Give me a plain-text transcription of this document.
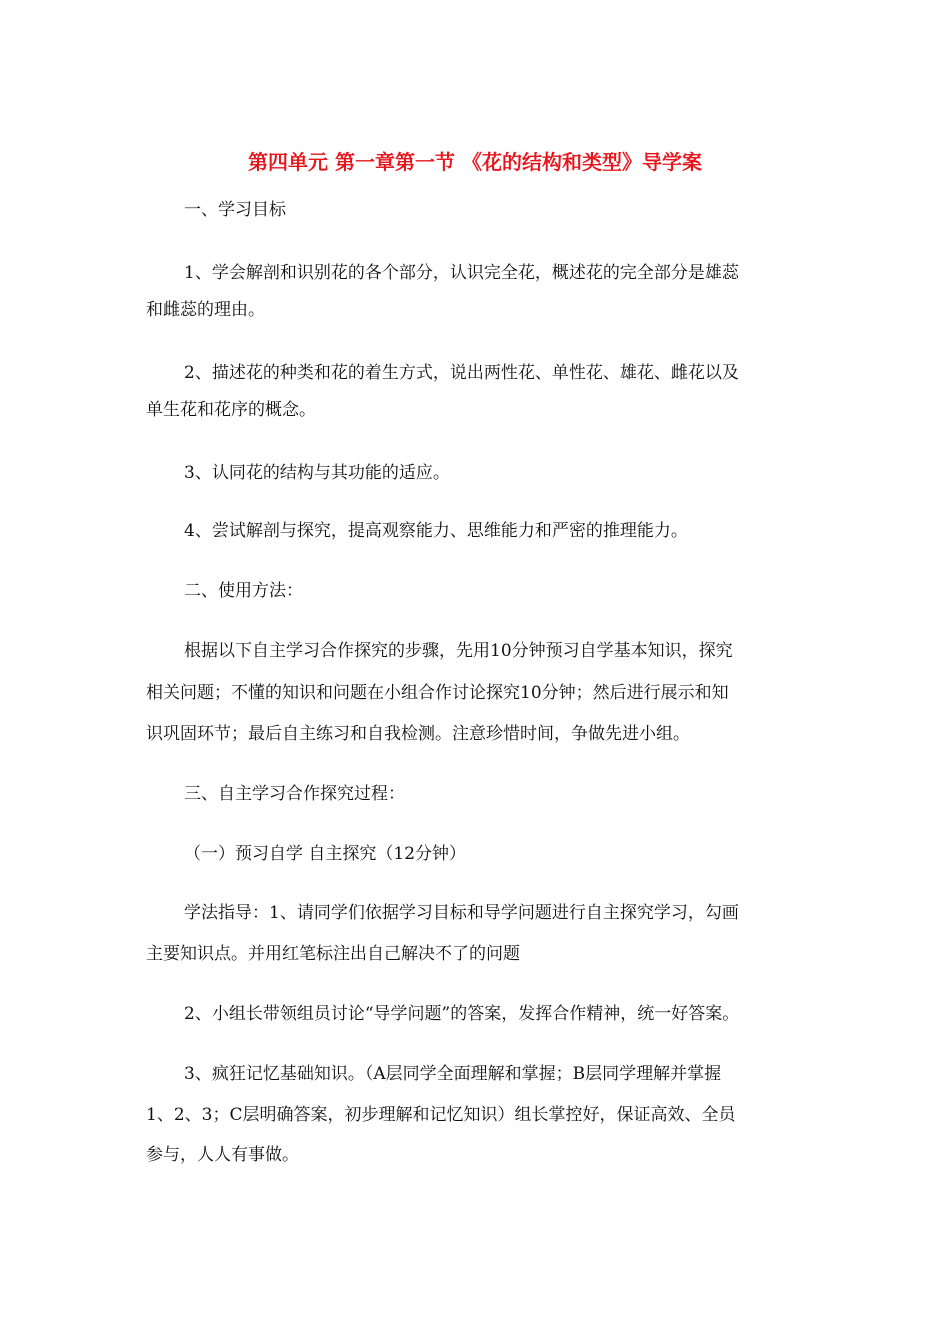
第四单元 第一章第一节 《花的结构和类型》导学案
一、学习目标
1、学会解剖和识别花的各个部分，认识完全花，概述花的完全部分是雄蕊
和雌蕊的理由。
2、描述花的种类和花的着生方式，说出两性花、单性花、雄花、雌花以及
单生花和花序的概念。
3、认同花的结构与其功能的适应。
4、尝试解剖与探究，提高观察能力、思维能力和严密的推理能力。
二、使用方法：
根据以下自主学习合作探究的步骤，先用10分钟预习自学基本知识，探究
相关问题；不懂的知识和问题在小组合作讨论探究10分钟；然后进行展示和知
识巩固环节；最后自主练习和自我检测。注意珍惜时间，争做先进小组。
三、自主学习合作探究过程：
（一）预习自学 自主探究（12分钟）
学法指导：1、请同学们依据学习目标和导学问题进行自主探究学习，勾画
主要知识点。并用红笔标注出自己解决不了的问题
2、小组长带领组员讨论“导学问题”的答案，发挥合作精神，统一好答案。
3、疯狂记忆基础知识。（A层同学全面理解和掌握；B层同学理解并掌握
1、2、3；C层明确答案，初步理解和记忆知识）组长掌控好，保证高效、全员
参与，人人有事做。
